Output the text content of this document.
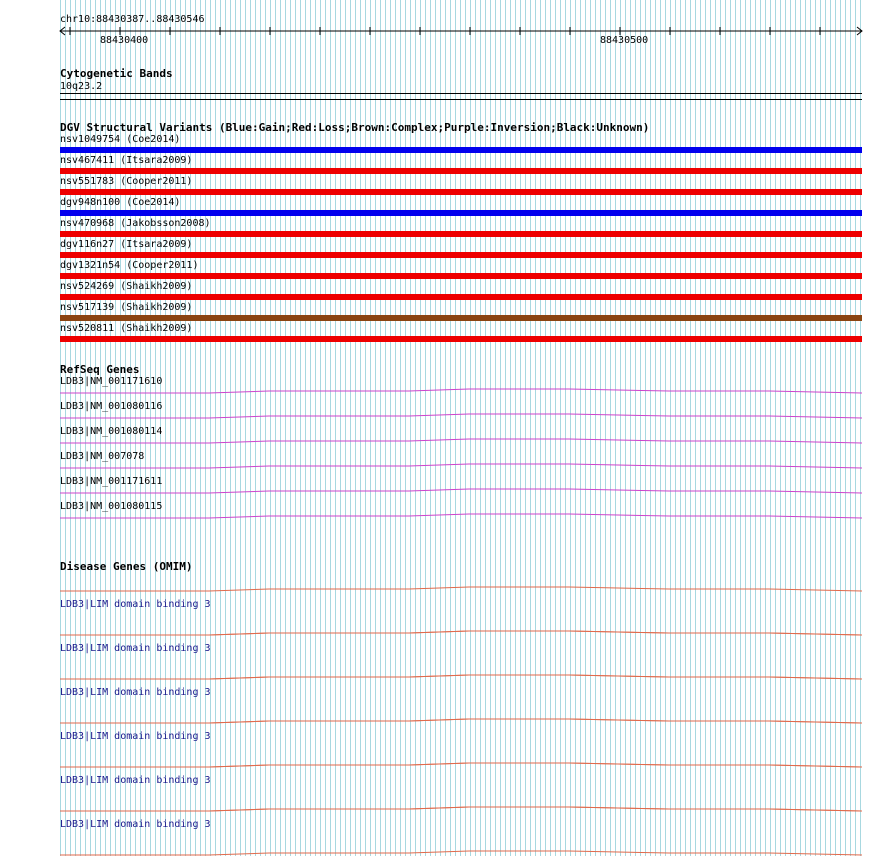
chr10:88430387..88430546
88430400	88430500
Cytogenetic Bands
10q23.2
DGV Structural Variants (Blue:Gain;Red:Loss;Brown:Complex;Purple:Inversion;Black:Unknown)
nsv1049754 (Coe2014)
nsv467411 (Itsara2009)
nsv551783 (Cooper2011)
dgv948n100 (Coe2014)
nsv470968 (Jakobsson2008)
dgv116n27 (Itsara2009)
dgv1321n54 (Cooper2011)
nsv524269 (Shaikh2009)
nsv517139 (Shaikh2009)
nsv520811 (Shaikh2009)
RefSeq Genes
LDB3|NM_001171610
LDB3|NM_001080116
LDB3|NM_001080114
LDB3|NM_007078
LDB3|NM_001171611
LDB3|NM_001080115
Disease Genes (OMIM)
LDB3|LIM domain binding 3
LDB3|LIM domain binding 3
LDB3|LIM domain binding 3
LDB3|LIM domain binding 3
LDB3|LIM domain binding 3
LDB3|LIM domain binding 3
